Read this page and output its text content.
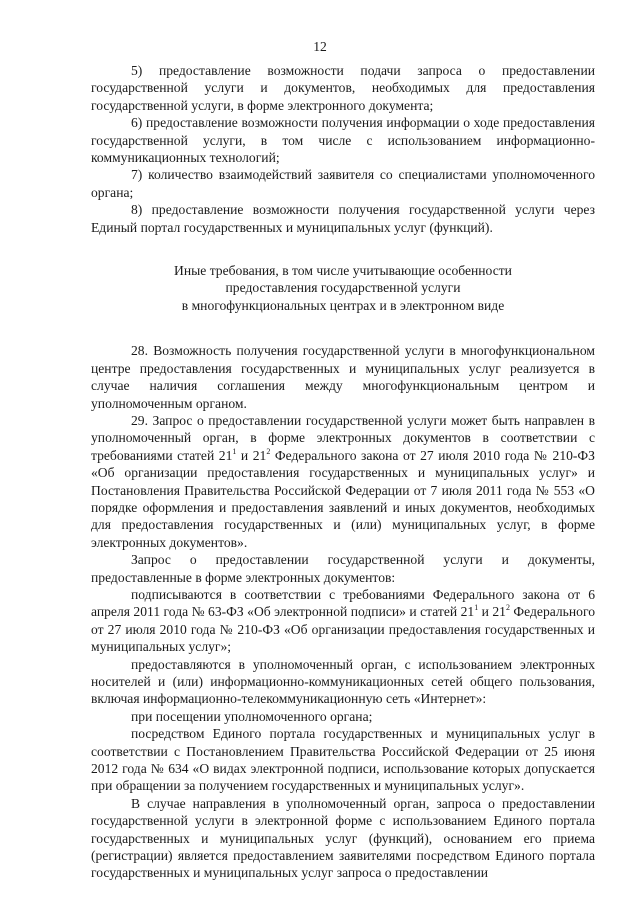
12

5) предоставление возможности подачи запроса о предоставлении государственной услуги и документов, необходимых для предоставления государственной услуги, в форме электронного документа;

6) предоставление возможности получения информации о ходе предоставления государственной услуги, в том числе с использованием информационно-коммуникационных технологий;

7) количество взаимодействий заявителя со специалистами уполномоченного органа;

8) предоставление возможности получения государственной услуги через Единый портал государственных и муниципальных услуг (функций).

Иные требования, в том числе учитывающие особенности
предоставления государственной услуги
в многофункциональных центрах и в электронном виде

28. Возможность получения государственной услуги в многофункциональном центре предоставления государственных и муниципальных услуг реализуется в случае наличия соглашения между многофункциональным центром и уполномоченным органом.

29. Запрос о предоставлении государственной услуги может быть направлен в уполномоченный орган, в форме электронных документов в соответствии с требованиями статей $21^1$ и $21^2$ Федерального закона от 27 июля 2010 года № 210-ФЗ «Об организации предоставления государственных и муниципальных услуг» и Постановления Правительства Российской Федерации от 7 июля 2011 года № 553 «О порядке оформления и предоставления заявлений и иных документов, необходимых для предоставления государственных и (или) муниципальных услуг, в форме электронных документов».

Запрос о предоставлении государственной услуги и документы, предоставленные в форме электронных документов:

подписываются в соответствии с требованиями Федерального закона от 6 апреля 2011 года № 63-ФЗ «Об электронной подписи» и статей $21^1$ и $21^2$ Федерального от 27 июля 2010 года № 210-ФЗ «Об организации предоставления государственных и муниципальных услуг»;

предоставляются в уполномоченный орган, с использованием электронных носителей и (или) информационно-коммуникационных сетей общего пользования, включая информационно-телекоммуникационную сеть «Интернет»:

при посещении уполномоченного органа;

посредством Единого портала государственных и муниципальных услуг в соответствии с Постановлением Правительства Российской Федерации от 25 июня 2012 года № 634 «О видах электронной подписи, использование которых допускается при обращении за получением государственных и муниципальных услуг».

В случае направления в уполномоченный орган, запроса о предоставлении государственной услуги в электронной форме с использованием Единого портала государственных и муниципальных услуг (функций), основанием его приема (регистрации) является предоставлением заявителями посредством Единого портала государственных и муниципальных услуг запроса о предоставлении
